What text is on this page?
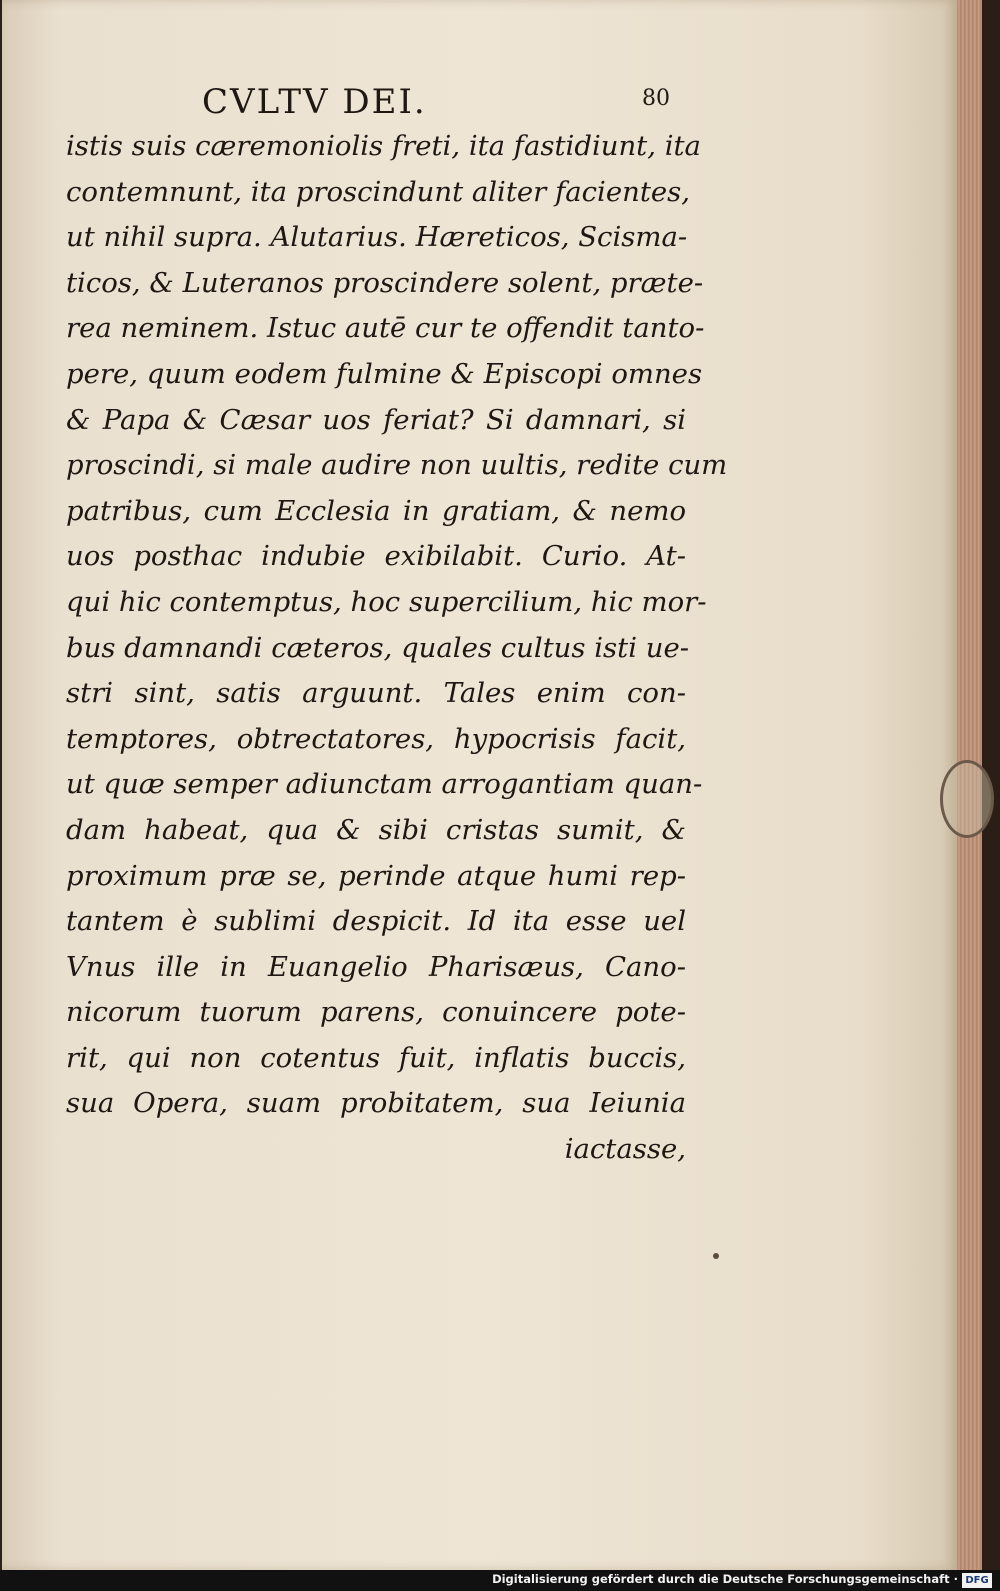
CVLTV DEI.	80
istis suis cæremoniolis freti, ita fastidiunt, ita
contemnunt, ita proscindunt aliter facientes,
ut nihil supra. Alutarius. Hæreticos, Scisma-
ticos, & Luteranos proscindere solent, præte-
rea neminem. Istuc autē cur te offendit tanto-
pere, quum eodem fulmine & Episcopi omnes
& Papa & Cæsar uos feriat? Si damnari, si
proscindi, si male audire non uultis, redite cum
patribus, cum Ecclesia in gratiam, & nemo
uos posthac indubie exibilabit. Curio. At-
qui hic contemptus, hoc supercilium, hic mor-
bus damnandi cæteros, quales cultus isti ue-
stri sint, satis arguunt. Tales enim con-
temptores, obtrectatores, hypocrisis facit,
ut quæ semper adiunctam arrogantiam quan-
dam habeat, qua & sibi cristas sumit, &
proximum præ se, perinde atque humi rep-
tantem è sublimi despicit. Id ita esse uel
Vnus ille in Euangelio Pharisæus, Cano-
nicorum tuorum parens, conuincere pote-
rit, qui non cotentus fuit, inflatis buccis,
sua Opera, suam probitatem, sua Ieiunia
iactasse,
Digitalisierung gefördert durch die Deutsche Forschungsgemeinschaft · DFG
